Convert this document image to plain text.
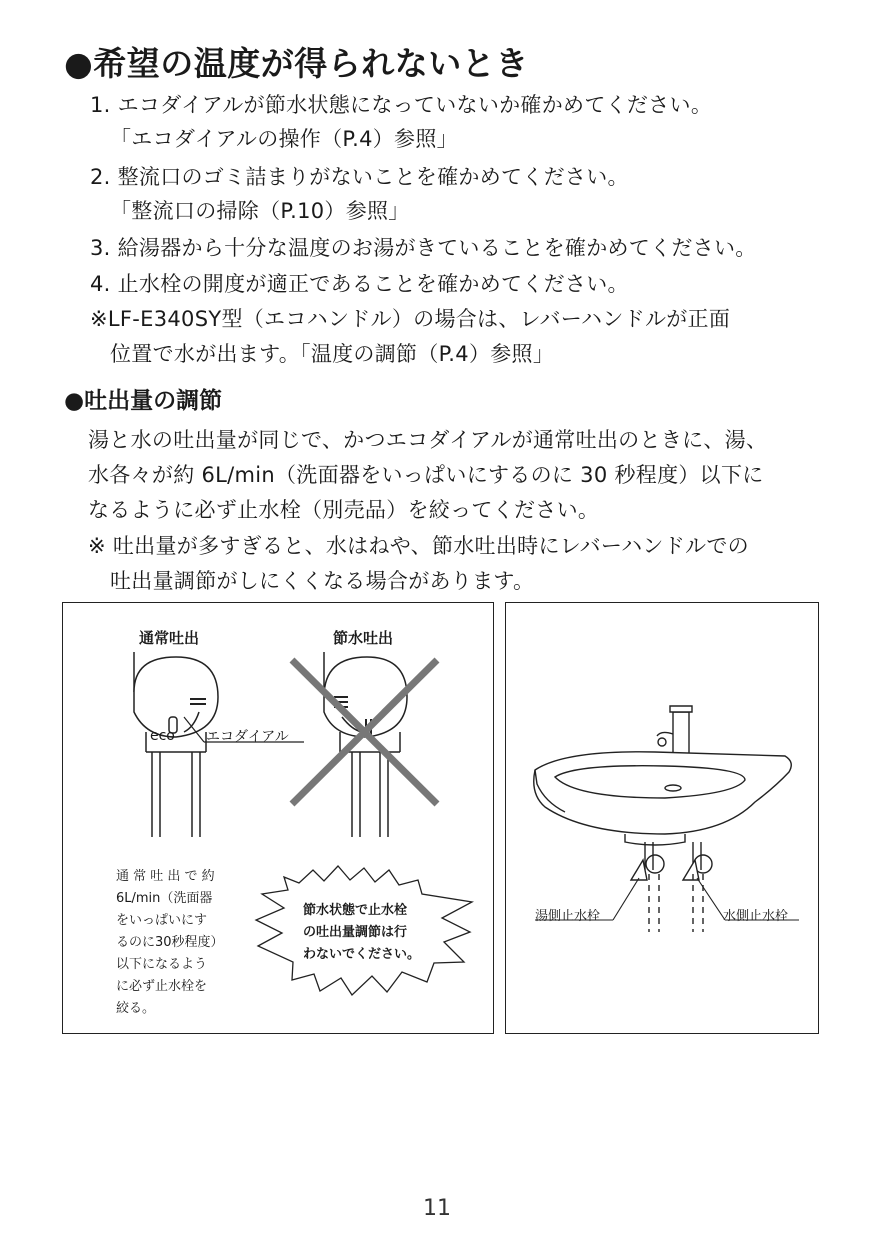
●希望の温度が得られないとき
1. エコダイアルが節水状態になっていないか確かめてください。
「エコダイアルの操作（P.4）参照」
2. 整流口のゴミ詰まりがないことを確かめてください。
「整流口の掃除（P.10）参照」
3. 給湯器から十分な温度のお湯がきていることを確かめてください。
4. 止水栓の開度が適正であることを確かめてください。
※LF-E340SY型（エコハンドル）の場合は、レバーハンドルが正面
位置で水が出ます。「温度の調節（P.4）参照」
●吐出量の調節
湯と水の吐出量が同じで、かつエコダイアルが通常吐出のときに、湯、
水各々が約 6L/min（洗面器をいっぱいにするのに 30 秒程度）以下に
なるように必ず止水栓（別売品）を絞ってください。
※ 吐出量が多すぎると、水はねや、節水吐出時にレバーハンドルでの
吐出量調節がしにくくなる場合があります。
通常吐出	節水吐出
eco エコダイアル
通 常 吐 出 で 約
6L/min（洗面器
をいっぱいにす
るのに30秒程度）
以下になるよう
に必ず止水栓を
絞る。
節水状態で止水栓
の吐出量調節は行
わないでください。
湯側止水栓	水側止水栓
11
